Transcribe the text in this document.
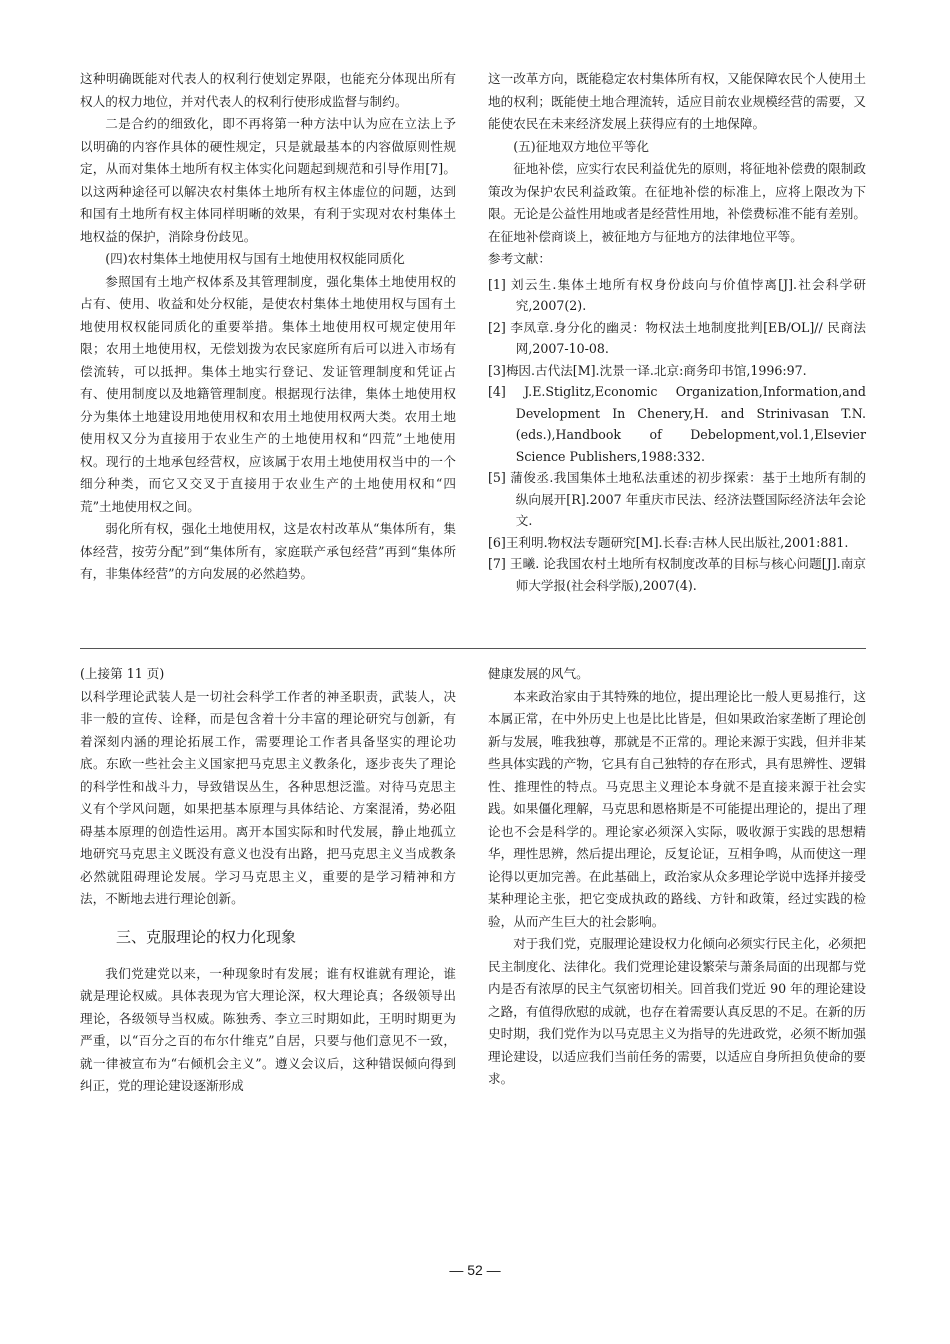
这种明确既能对代表人的权利行使划定界限，也能充分体现出所有权人的权力地位，并对代表人的权利行使形成监督与制约。

二是合约的细致化，即不再将第一种方法中认为应在立法上予以明确的内容作具体的硬性规定，只是就最基本的内容做原则性规定，从而对集体土地所有权主体实化问题起到规范和引导作用[7]。以这两种途径可以解决农村集体土地所有权主体虚位的问题，达到和国有土地所有权主体同样明晰的效果，有利于实现对农村集体土地权益的保护，消除身份歧见。

(四)农村集体土地使用权与国有土地使用权权能同质化

参照国有土地产权体系及其管理制度，强化集体土地使用权的占有、使用、收益和处分权能，是使农村集体土地使用权与国有土地使用权权能同质化的重要举措。集体土地使用权可规定使用年限；农用土地使用权，无偿划拨为农民家庭所有后可以进入市场有偿流转，可以抵押。集体土地实行登记、发证管理制度和凭证占有、使用制度以及地籍管理制度。根据现行法律，集体土地使用权分为集体土地建设用地使用权和农用土地使用权两大类。农用土地使用权又分为直接用于农业生产的土地使用权和“四荒”土地使用权。现行的土地承包经营权，应该属于农用土地使用权当中的一个细分种类，而它又交叉于直接用于农业生产的土地使用权和“四荒”土地使用权之间。

弱化所有权，强化土地使用权，这是农村改革从“集体所有，集体经营，按劳分配”到“集体所有，家庭联产承包经营”再到“集体所有，非集体经营”的方向发展的必然趋势。

这一改革方向，既能稳定农村集体所有权，又能保障农民个人使用土地的权利；既能使土地合理流转，适应目前农业规模经营的需要，又能使农民在未来经济发展上获得应有的土地保障。

(五)征地双方地位平等化

征地补偿，应实行农民利益优先的原则，将征地补偿费的限制政策改为保护农民利益政策。在征地补偿的标准上，应将上限改为下限。无论是公益性用地或者是经营性用地，补偿费标准不能有差别。在征地补偿商谈上，被征地方与征地方的法律地位平等。

参考文献：

[1] 刘云生.集体土地所有权身份歧向与价值悖离[J].社会科学研究,2007(2).

[2] 李凤章.身分化的幽灵：物权法土地制度批判[EB/OL]// 民商法网,2007-10-08.

[3]梅因.古代法[M].沈景一译.北京:商务印书馆,1996:97.

[4] J.E.Stiglitz,Economic Organization,Information,and Development In Chenery,H. and Strinivasan T.N. (eds.),Handbook of Debelopment,vol.1,Elsevier Science Publishers,1988:332.

[5] 蒲俊丞.我国集体土地私法重述的初步探索：基于土地所有制的纵向展开[R].2007 年重庆市民法、经济法暨国际经济法年会论文.

[6]王利明.物权法专题研究[M].长春:吉林人民出版社,2001:881.

[7] 王曦. 论我国农村土地所有权制度改革的目标与核心问题[J].南京师大学报(社会科学版),2007(4).

(上接第 11 页)

以科学理论武装人是一切社会科学工作者的神圣职责，武装人，决非一般的宣传、诠释，而是包含着十分丰富的理论研究与创新，有着深刻内涵的理论拓展工作，需要理论工作者具备坚实的理论功底。东欧一些社会主义国家把马克思主义教条化，逐步丧失了理论的科学性和战斗力，导致错误丛生，各种思想泛滥。对待马克思主义有个学风问题，如果把基本原理与具体结论、方案混淆，势必阻碍基本原理的创造性运用。离开本国实际和时代发展，静止地孤立地研究马克思主义既没有意义也没有出路，把马克思主义当成教条必然就阻碍理论发展。学习马克思主义，重要的是学习精神和方法，不断地去进行理论创新。

三、克服理论的权力化现象

我们党建党以来，一种现象时有发展；谁有权谁就有理论，谁就是理论权威。具体表现为官大理论深，权大理论真；各级领导出理论，各级领导当权威。陈独秀、李立三时期如此，王明时期更为严重，以“百分之百的布尔什维克”自居，只要与他们意见不一致，就一律被宣布为“右倾机会主义”。遵义会议后，这种错误倾向得到纠正，党的理论建设逐渐形成

健康发展的风气。

本来政治家由于其特殊的地位，提出理论比一般人更易推行，这本属正常，在中外历史上也是比比皆是，但如果政治家垄断了理论创新与发展，唯我独尊，那就是不正常的。理论来源于实践，但并非某些具体实践的产物，它具有自己独特的存在形式，具有思辨性、逻辑性、推理性的特点。马克思主义理论本身就不是直接来源于社会实践。如果僵化理解，马克思和恩格斯是不可能提出理论的，提出了理论也不会是科学的。理论家必须深入实际，吸收源于实践的思想精华，理性思辨，然后提出理论，反复论证，互相争鸣，从而使这一理论得以更加完善。在此基础上，政治家从众多理论学说中选择并接受某种理论主张，把它变成执政的路线、方针和政策，经过实践的检验，从而产生巨大的社会影响。

对于我们党，克服理论建设权力化倾向必须实行民主化，必须把民主制度化、法律化。我们党理论建设繁荣与萧条局面的出现都与党内是否有浓厚的民主气氛密切相关。回首我们党近 90 年的理论建设之路，有值得欣慰的成就，也存在着需要认真反思的不足。在新的历史时期，我们党作为以马克思主义为指导的先进政党，必须不断加强理论建设，以适应我们当前任务的需要，以适应自身所担负使命的要求。

— 52 —
